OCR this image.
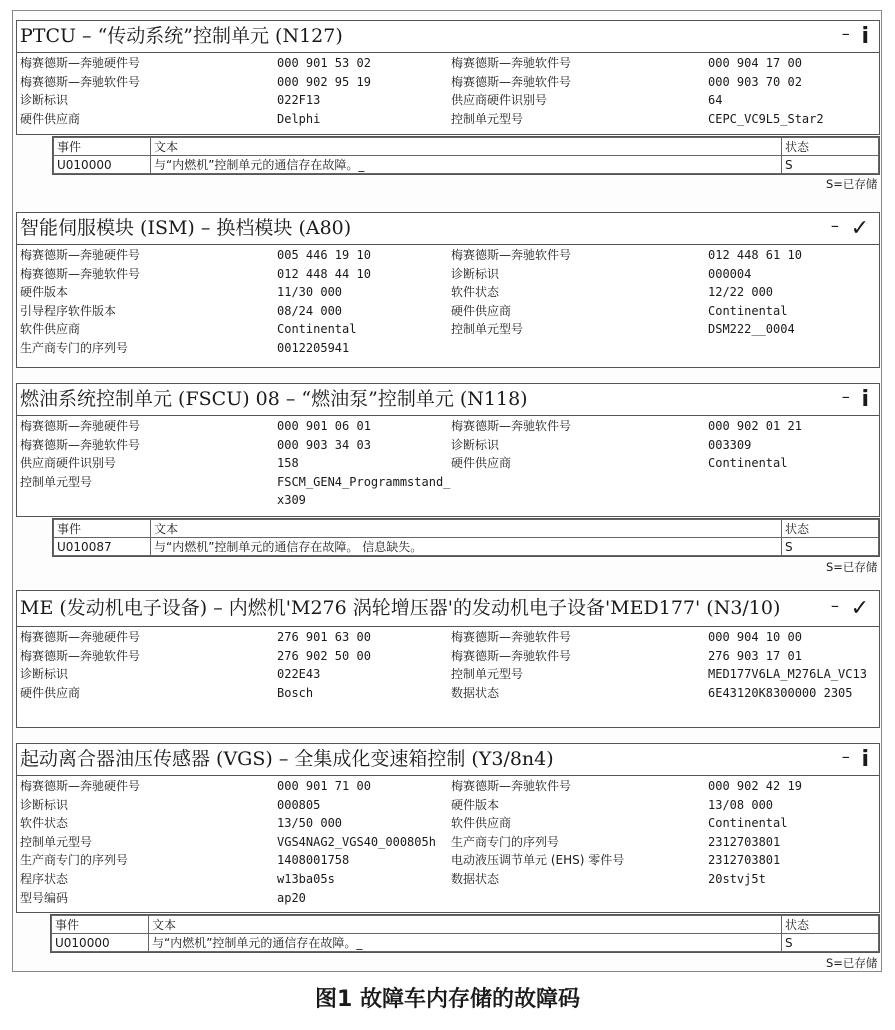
PTCU – “传动系统”控制单元 (N127)	– i
梅赛德斯—奔驰硬件号	000 901 53 02	梅赛德斯—奔驰软件号	000 904 17 00
梅赛德斯—奔驰软件号	000 902 95 19	梅赛德斯—奔驰软件号	000 903 70 02
诊断标识	022F13	供应商硬件识别号	64
硬件供应商	Delphi	控制单元型号	CEPC_VC9L5_Star2
事件	文本	状态
U010000	与“内燃机”控制单元的通信存在故障。_	S
S=已存储
智能伺服模块 (ISM) – 换档模块 (A80)	– ✓
梅赛德斯—奔驰硬件号	005 446 19 10	梅赛德斯—奔驰软件号	012 448 61 10
梅赛德斯—奔驰软件号	012 448 44 10	诊断标识	000004
硬件版本	11/30 000	软件状态	12/22 000
引导程序软件版本	08/24 000	硬件供应商	Continental
软件供应商	Continental	控制单元型号	DSM222__0004
生产商专门的序列号	0012205941
燃油系统控制单元 (FSCU) 08 – “燃油泵”控制单元 (N118)	– i
梅赛德斯—奔驰硬件号	000 901 06 01	梅赛德斯—奔驰软件号	000 902 01 21
梅赛德斯—奔驰软件号	000 903 34 03	诊断标识	003309
供应商硬件识别号	158	硬件供应商	Continental
控制单元型号	FSCM_GEN4_Programmstand_
x309
事件	文本	状态
U010087	与“内燃机”控制单元的通信存在故障。 信息缺失。	S
S=已存储
ME (发动机电子设备) – 内燃机'M276 涡轮增压器'的发动机电子设备'MED177' (N3/10)	– ✓
梅赛德斯—奔驰硬件号	276 901 63 00	梅赛德斯—奔驰软件号	000 904 10 00
梅赛德斯—奔驰软件号	276 902 50 00	梅赛德斯—奔驰软件号	276 903 17 01
诊断标识	022E43	控制单元型号	MED177V6LA_M276LA_VC13
硬件供应商	Bosch	数据状态	6E43120K8300000 2305
起动离合器油压传感器 (VGS) – 全集成化变速箱控制 (Y3/8n4)	– i
梅赛德斯—奔驰硬件号	000 901 71 00	梅赛德斯—奔驰软件号	000 902 42 19
诊断标识	000805	硬件版本	13/08 000
软件状态	13/50 000	软件供应商	Continental
控制单元型号	VGS4NAG2_VGS40_000805h	生产商专门的序列号	2312703801
生产商专门的序列号	1408001758	电动液压调节单元 (EHS) 零件号	2312703801
程序状态	w13ba05s	数据状态	20stvj5t
型号编码	ap20
事件	文本	状态
U010000	与“内燃机”控制单元的通信存在故障。_	S
S=已存储
图1 故障车内存储的故障码
